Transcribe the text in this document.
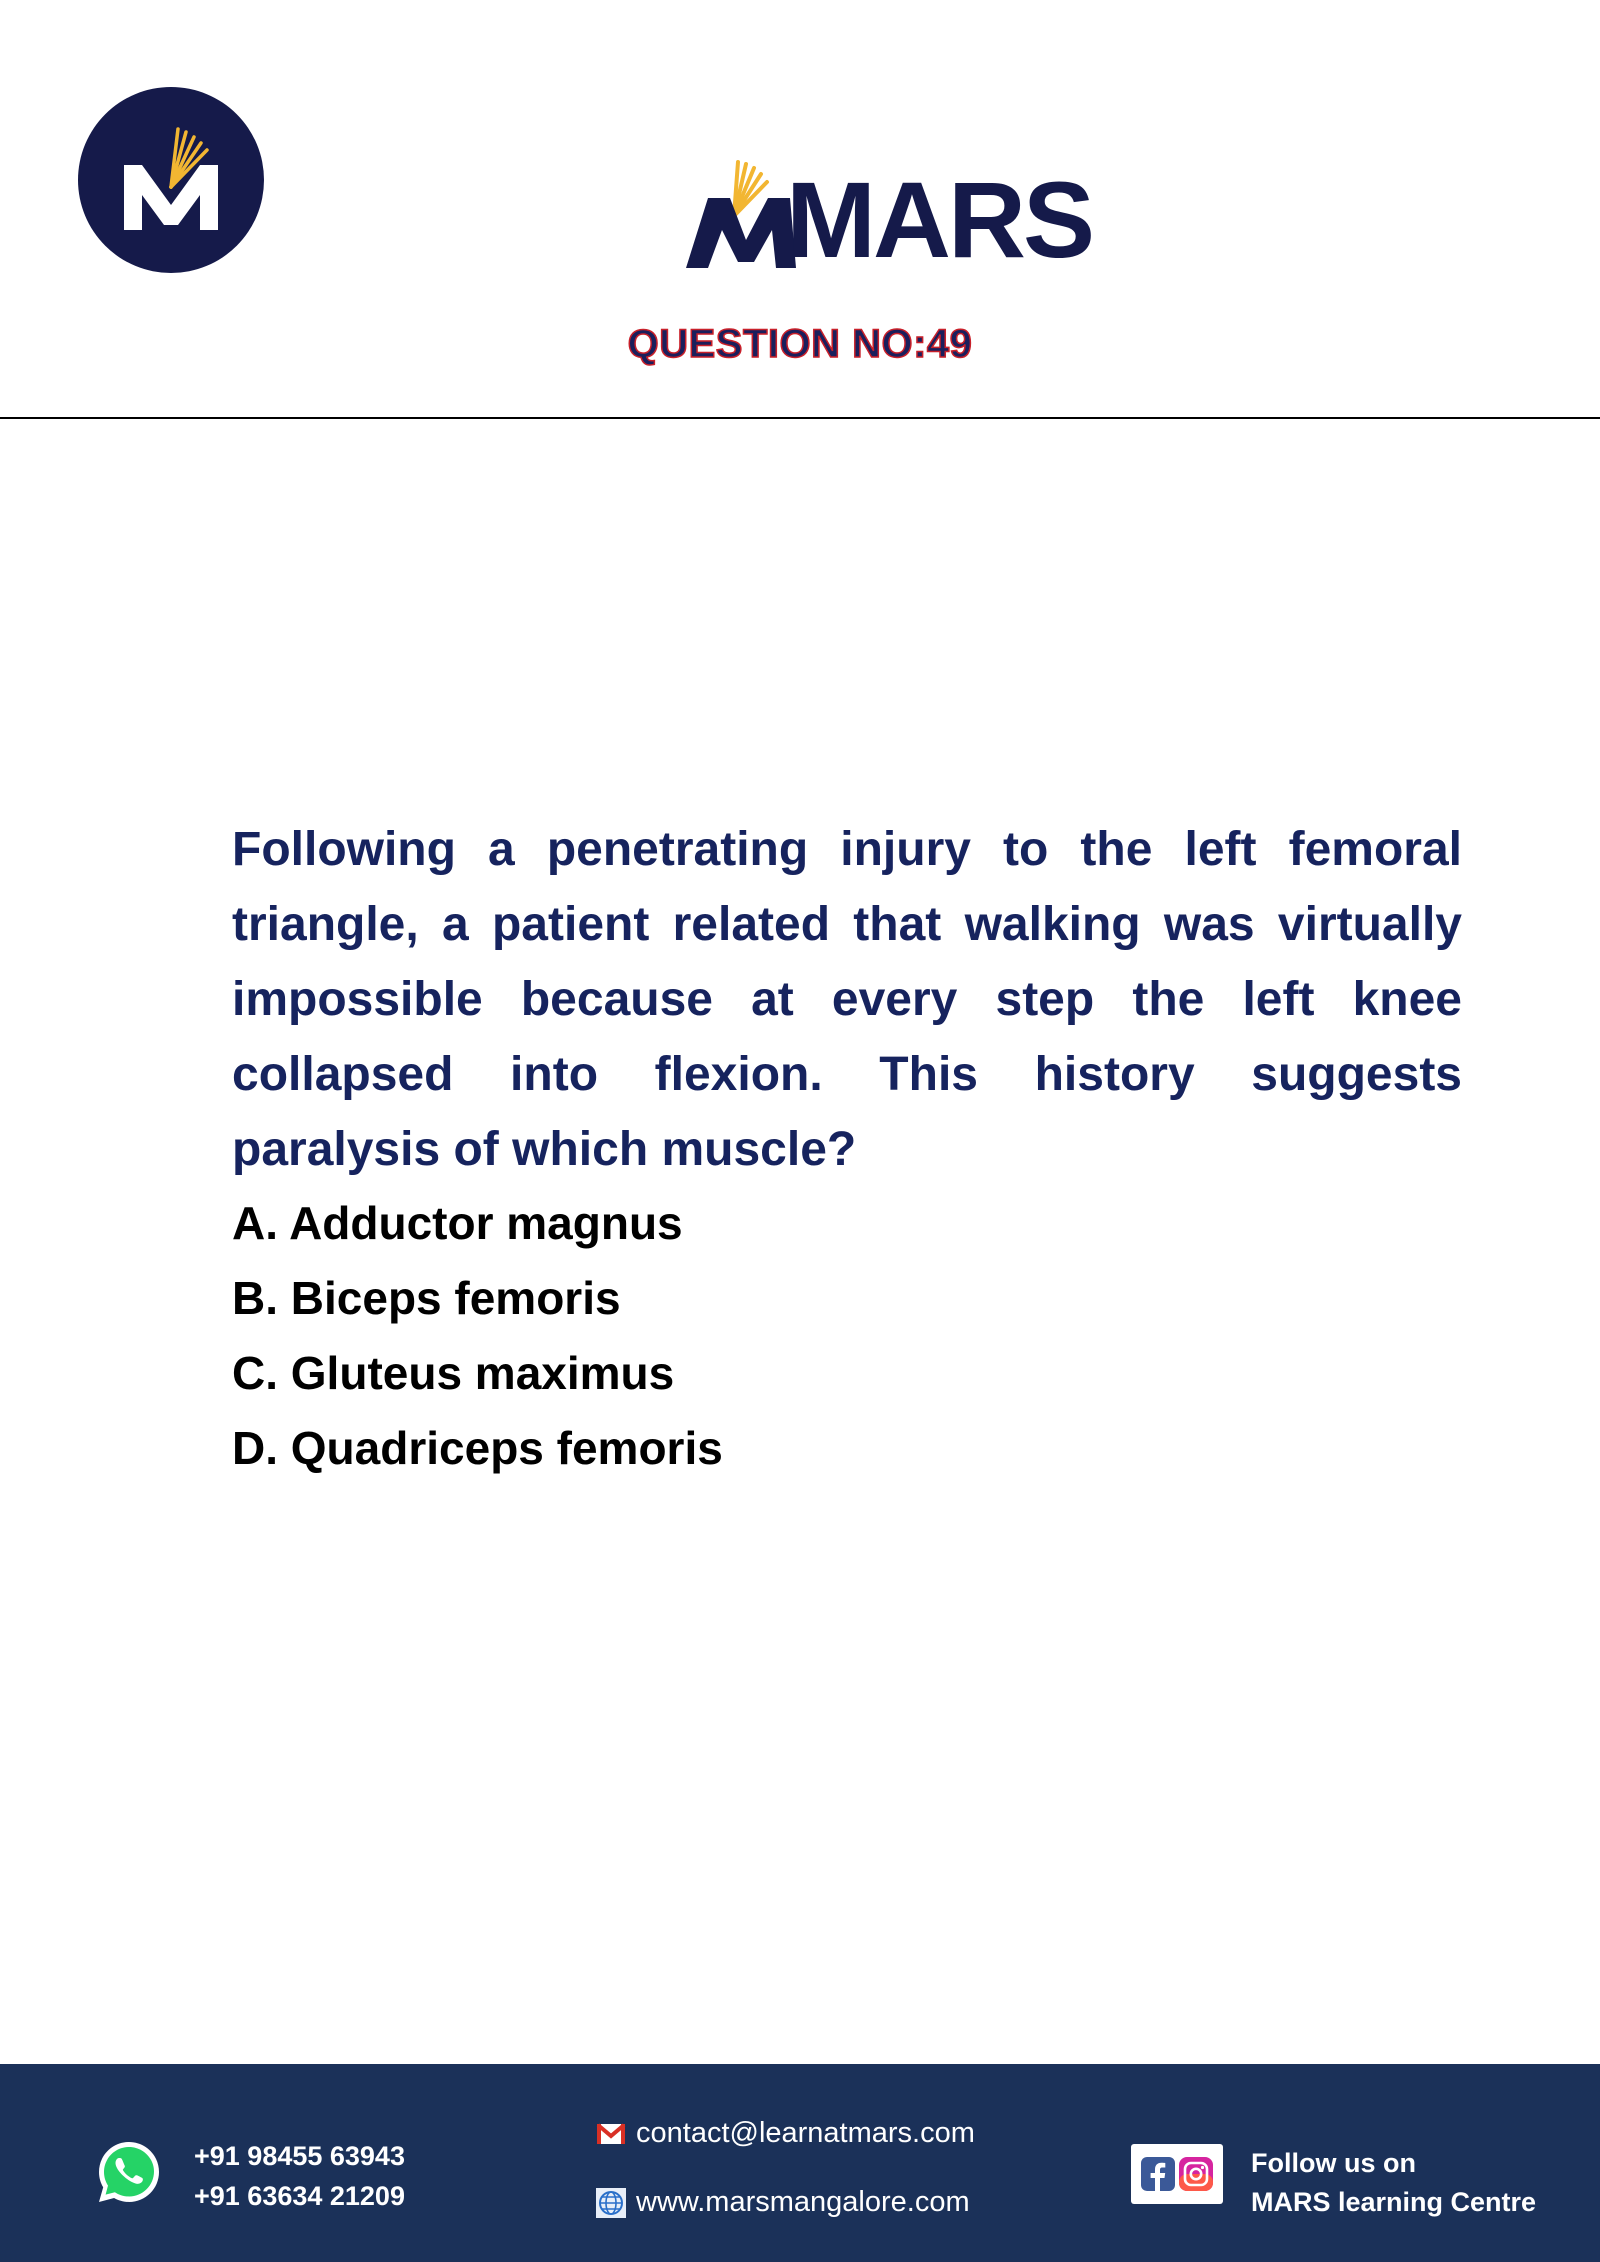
MARS
QUESTION NO:49

Following a penetrating injury to the left femoral triangle, a patient related that walking was virtually impossible because at every step the left knee collapsed into flexion. This history suggests paralysis of which muscle?

A. Adductor magnus
B. Biceps femoris
C. Gluteus maximus
D. Quadriceps femoris
+91 98455 63943
+91 63634 21209
contact@learnatmars.com
www.marsmangalore.com
Follow us on
MARS learning Centre
